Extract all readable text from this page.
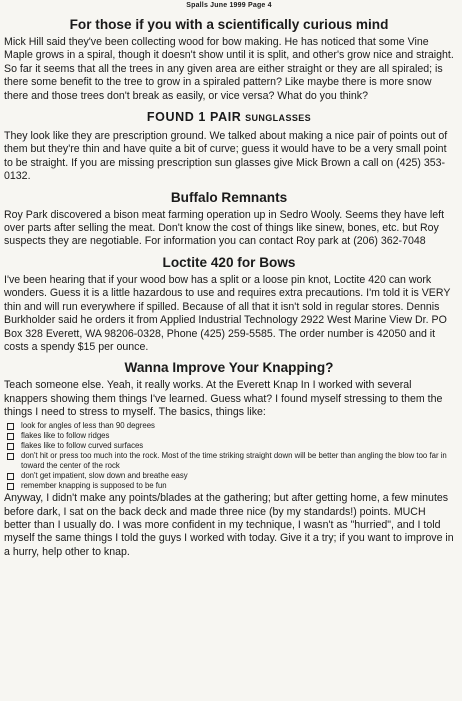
Spalls June 1999 Page 4
For those if you with a scientifically curious mind

Mick Hill said they've been collecting wood for bow making. He has noticed that some Vine Maple grows in a spiral, though it doesn't show until it is split, and other's grow nice and straight. So far it seems that all the trees in any given area are either straight or they are all spiraled; is there some benefit to the tree to grow in a spiraled pattern? Like maybe there is more snow there and those trees don't break as easily, or vice versa? What do you think?

FOUND 1 PAIR SUNGLASSES

They look like they are prescription ground. We talked about making a nice pair of points out of them but they're thin and have quite a bit of curve; guess it would have to be a very small point to be straight. If you are missing prescription sun glasses give Mick Brown a call on (425) 353-0132.

Buffalo Remnants

Roy Park discovered a bison meat farming operation up in Sedro Wooly. Seems they have left over parts after selling the meat. Don't know the cost of things like sinew, bones, etc. but Roy suspects they are negotiable. For information you can contact Roy park at (206) 362-7048

Loctite 420 for Bows

I've been hearing that if your wood bow has a split or a loose pin knot, Loctite 420 can work wonders. Guess it is a little hazardous to use and requires extra precautions. I'm told it is VERY thin and will run everywhere if spilled. Because of all that it isn't sold in regular stores. Dennis Burkholder said he orders it from Applied Industrial Technology 2922 West Marine View Dr. PO Box 328 Everett, WA 98206-0328, Phone (425) 259-5585. The order number is 42050 and it costs a spendy $15 per ounce.

Wanna Improve Your Knapping?

Teach someone else. Yeah, it really works. At the Everett Knap In I worked with several knappers showing them things I've learned. Guess what? I found myself stressing to them the things I need to stress to myself. The basics, things like:

look for angles of less than 90 degrees
flakes like to follow ridges
flakes like to follow curved surfaces
don't hit or press too much into the rock. Most of the time striking straight down will be better than angling the blow too far in toward the center of the rock
don't get impatient, slow down and breathe easy
remember knapping is supposed to be fun

Anyway, I didn't make any points/blades at the gathering; but after getting home, a few minutes before dark, I sat on the back deck and made three nice (by my standards!) points. MUCH better than I usually do. I was more confident in my technique, I wasn't as "hurried", and I told myself the same things I told the guys I worked with today. Give it a try; if you want to improve in a hurry, help other to knap.
